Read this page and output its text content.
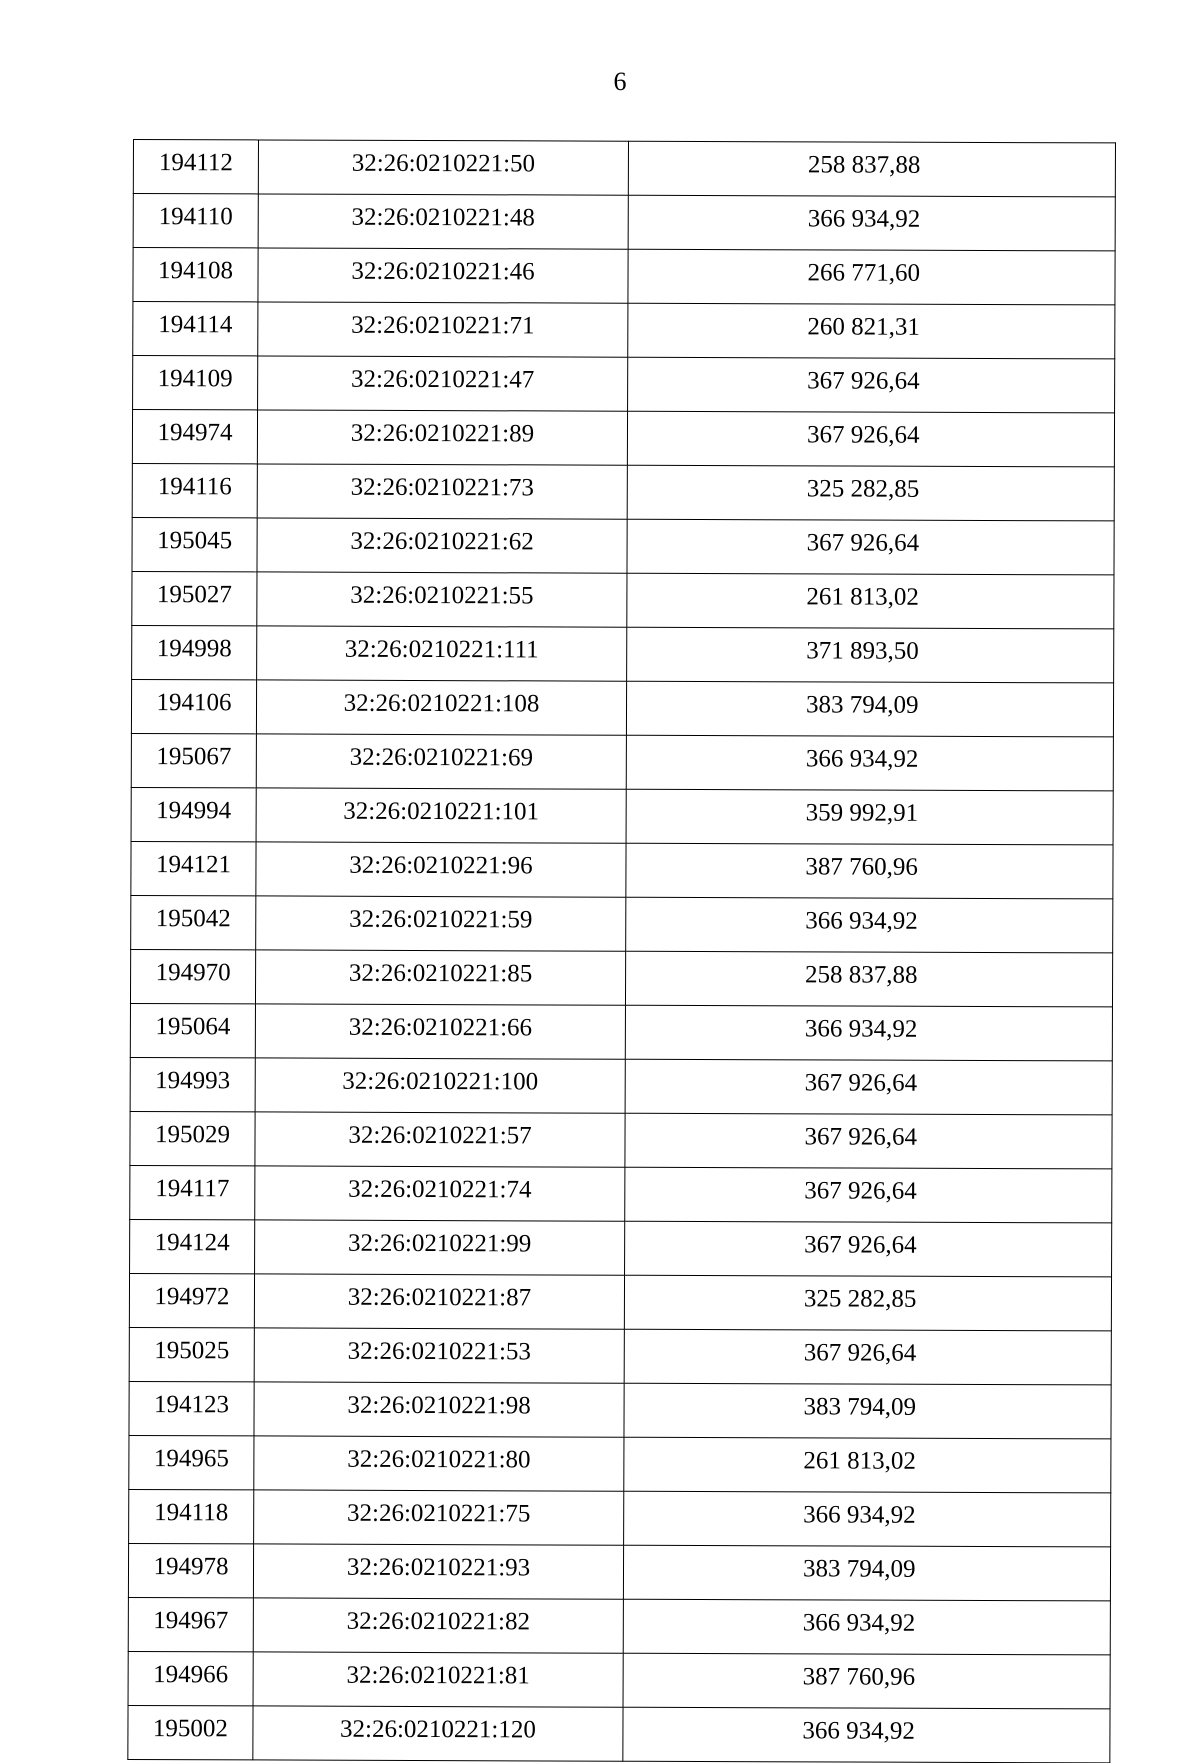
6
194112	32:26:0210221:50	258 837,88
194110	32:26:0210221:48	366 934,92
194108	32:26:0210221:46	266 771,60
194114	32:26:0210221:71	260 821,31
194109	32:26:0210221:47	367 926,64
194974	32:26:0210221:89	367 926,64
194116	32:26:0210221:73	325 282,85
195045	32:26:0210221:62	367 926,64
195027	32:26:0210221:55	261 813,02
194998	32:26:0210221:111	371 893,50
194106	32:26:0210221:108	383 794,09
195067	32:26:0210221:69	366 934,92
194994	32:26:0210221:101	359 992,91
194121	32:26:0210221:96	387 760,96
195042	32:26:0210221:59	366 934,92
194970	32:26:0210221:85	258 837,88
195064	32:26:0210221:66	366 934,92
194993	32:26:0210221:100	367 926,64
195029	32:26:0210221:57	367 926,64
194117	32:26:0210221:74	367 926,64
194124	32:26:0210221:99	367 926,64
194972	32:26:0210221:87	325 282,85
195025	32:26:0210221:53	367 926,64
194123	32:26:0210221:98	383 794,09
194965	32:26:0210221:80	261 813,02
194118	32:26:0210221:75	366 934,92
194978	32:26:0210221:93	383 794,09
194967	32:26:0210221:82	366 934,92
194966	32:26:0210221:81	387 760,96
195002	32:26:0210221:120	366 934,92
